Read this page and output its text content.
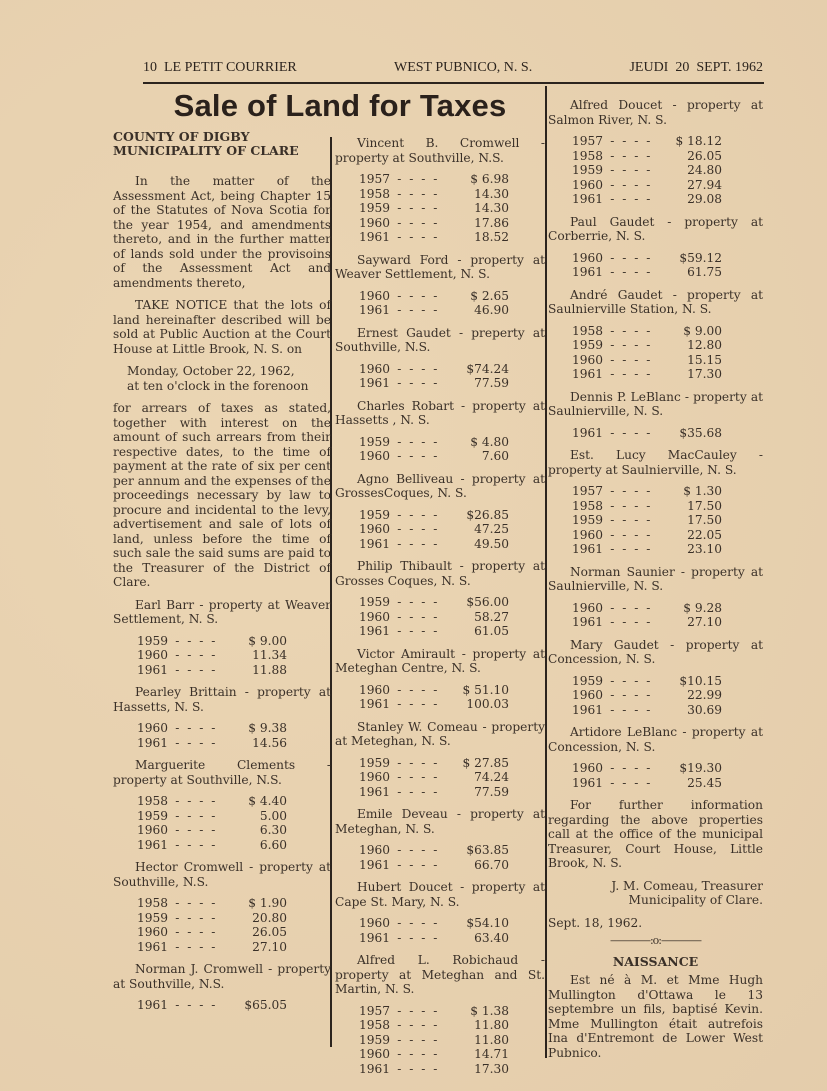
10 LE PETIT COURRIER	WEST PUBNICO, N. S.	JEUDI  20  SEPT. 1962
Sale of Land for Taxes
COUNTY OF DIGBY
MUNICIPALITY OF CLARE

In the matter of the Assessment Act, being Chapter 15 of the Statutes of Nova Scotia for the year 1954, and amendments thereto, and in the further matter of lands sold under the provisoins of the Assessment Act and amendments thereto,

TAKE NOTICE that the lots of land hereinafter described will be sold at Public Auction at the Court House at Little Brook, N. S. on

Monday, October 22, 1962,
at ten o'clock in the forenoon

for arrears of taxes as stated, together with interest on the amount of such arrears from their respective dates, to the time of payment at the rate of six per cent per annum and the expenses of the proceedings necessary by law to procure and incidental to the levy, advertisement and sale of lots of land, unless before the time of such sale the said sums are paid to the Treasurer of the District of Clare.

Earl Barr - property at Weaver Settlement, N. S.
1959 - - - -	$ 9.00
1960 - - - -	11.34
1961 - - - -	11.88
Pearley Brittain - property at Hassetts, N. S.
1960 - - - -	$ 9.38
1961 - - - -	14.56
Marguerite Clements - property at Southville, N.S.
1958 - - - -	$ 4.40
1959 - - - -	5.00
1960 - - - -	6.30
1961 - - - -	6.60
Hector Cromwell - property at Southville, N.S.
1958 - - - -	$ 1.90
1959 - - - -	20.80
1960 - - - -	26.05
1961 - - - -	27.10
Norman J. Cromwell - property at Southville, N.S.
1961 - - - -	$65.05
Vincent B. Cromwell - property at Southville, N.S.
1957 - - - -	$ 6.98
1958 - - - -	14.30
1959 - - - -	14.30
1960 - - - -	17.86
1961 - - - -	18.52
Sayward Ford - property at Weaver Settlement, N. S.
1960 - - - -	$ 2.65
1961 - - - -	46.90
Ernest Gaudet - preperty at Southville, N.S.
1960 - - - -	$74.24
1961 - - - -	77.59
Charles Robart - property at Hassetts , N. S.
1959 - - - -	$ 4.80
1960 - - - -	7.60
Agno Belliveau - property at GrossesCoques, N. S.
1959 - - - -	$26.85
1960 - - - -	47.25
1961 - - - -	49.50
Philip Thibault - property at Grosses Coques, N. S.
1959 - - - -	$56.00
1960 - - - -	58.27
1961 - - - -	61.05
Victor Amirault - property at Meteghan Centre, N. S.
1960 - - - -	$ 51.10
1961 - - - -	100.03
Stanley W. Comeau - property at Meteghan, N. S.
1959 - - - -	$ 27.85
1960 - - - -	74.24
1961 - - - -	77.59
Emile Deveau - property at Meteghan, N. S.
1960 - - - -	$63.85
1961 - - - -	66.70
Hubert Doucet - property at Cape St. Mary, N. S.
1960 - - - -	$54.10
1961 - - - -	63.40
Alfred L. Robichaud - property at Meteghan and St. Martin, N. S.
1957 - - - -	$ 1.38
1958 - - - -	11.80
1959 - - - -	11.80
1960 - - - -	14.71
1961 - - - -	17.30
Alfred Doucet - property at Salmon River, N. S.
1957 - - - -	$ 18.12
1958 - - - -	26.05
1959 - - - -	24.80
1960 - - - -	27.94
1961 - - - -	29.08
Paul Gaudet - property at Corberrie, N. S.
1960 - - - -	$59.12
1961 - - - -	61.75
André Gaudet - property at Saulnierville Station, N. S.
1958 - - - -	$ 9.00
1959 - - - -	12.80
1960 - - - -	15.15
1961 - - - -	17.30
Dennis P. LeBlanc - property at Saulnierville, N. S.
1961 - - - -	$35.68
Est. Lucy MacCauley - property at Saulnierville, N. S.
1957 - - - -	$ 1.30
1958 - - - -	17.50
1959 - - - -	17.50
1960 - - - -	22.05
1961 - - - -	23.10
Norman Saunier - property at Saulnierville, N. S.
1960 - - - -	$ 9.28
1961 - - - -	27.10
Mary Gaudet - property at Concession, N. S.
1959 - - - -	$10.15
1960 - - - -	22.99
1961 - - - -	30.69
Artidore LeBlanc - property at Concession, N. S.
1960 - - - -	$19.30
1961 - - - -	25.45

For further information regarding the above properties call at the office of the municipal Treasurer, Court House, Little Brook, N. S.

J. M. Comeau, Treasurer
Municipality of Clare.
Sept. 18, 1962.
————:o:————
NAISSANCE

Est né à M. et Mme Hugh Mullington d'Ottawa le 13 septembre un fils, baptisé Kevin. Mme Mullington était autrefois Ina d'Entremont de Lower West Pubnico.
